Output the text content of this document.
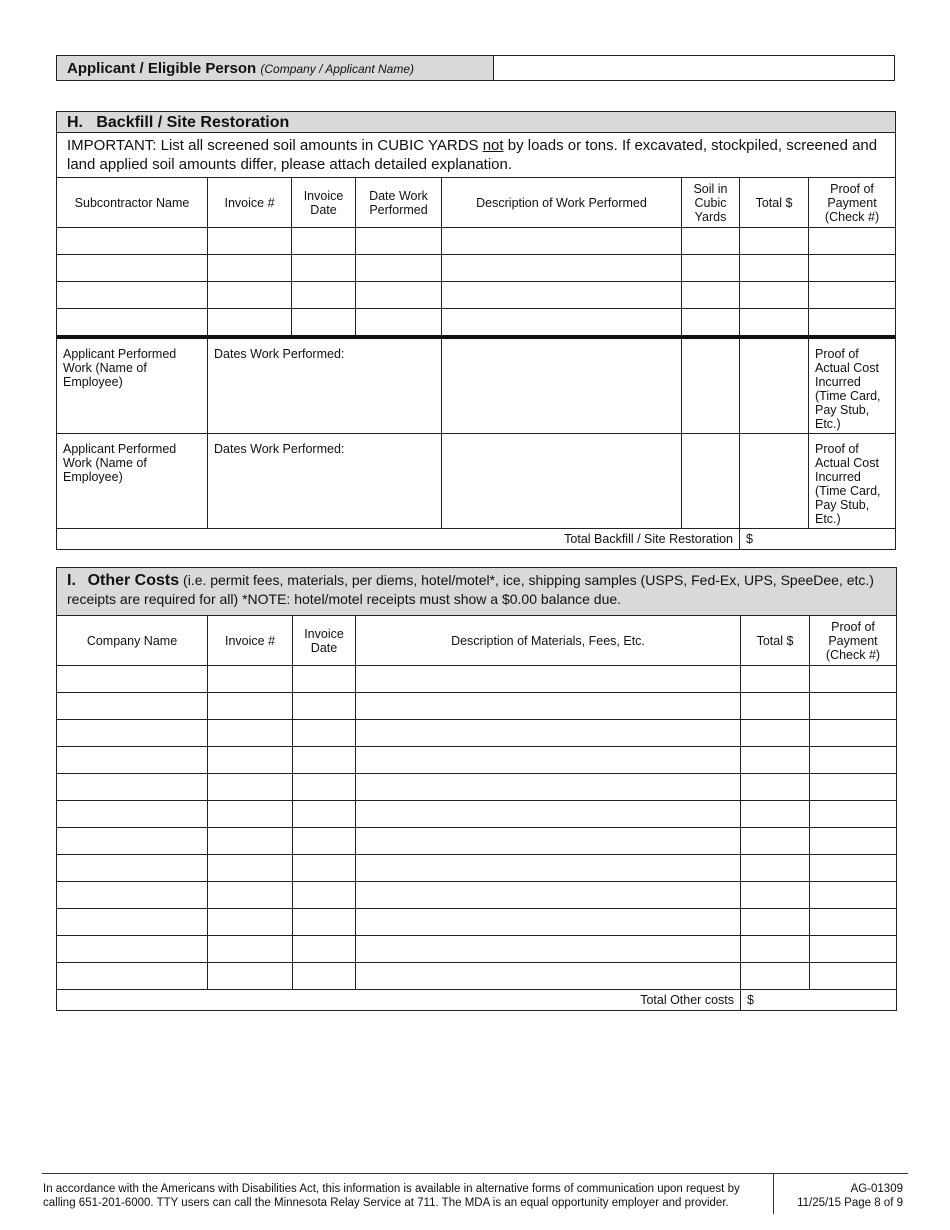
Applicant / Eligible Person (Company / Applicant Name)	
H. Backfill / Site Restoration							
IMPORTANT: List all screened soil amounts in CUBIC YARDS not by loads or tons. If excavated, stockpiled, screened and land applied soil amounts differ, please attach detailed explanation.							
Subcontractor Name	Invoice #	Invoice Date	Date Work Performed	Description of Work Performed	Soil in Cubic Yards	Total $	Proof of Payment (Check #)

Applicant Performed Work (Name of Employee)	Dates Work Performed:						Proof of Actual Cost Incurred (Time Card, Pay Stub, Etc.)
Applicant Performed Work (Name of Employee)	Dates Work Performed:						Proof of Actual Cost Incurred (Time Card, Pay Stub, Etc.)
Total Backfill / Site Restoration						$	
I. Other Costs (i.e. permit fees, materials, per diems, hotel/motel*, ice, shipping samples (USPS, Fed-Ex, UPS, SpeeDee, etc.) receipts are required for all) *NOTE: hotel/motel receipts must show a $0.00 balance due.					
Company Name	Invoice #	Invoice Date	Description of Materials, Fees, Etc.	Total $	Proof of Payment (Check #)

Total Other costs				$	
In accordance with the Americans with Disabilities Act, this information is available in alternative forms of communication upon request by calling 651-201-6000. TTY users can call the Minnesota Relay Service at 711. The MDA is an equal opportunity employer and provider.
AG-01309
11/25/15 Page 8 of 9
